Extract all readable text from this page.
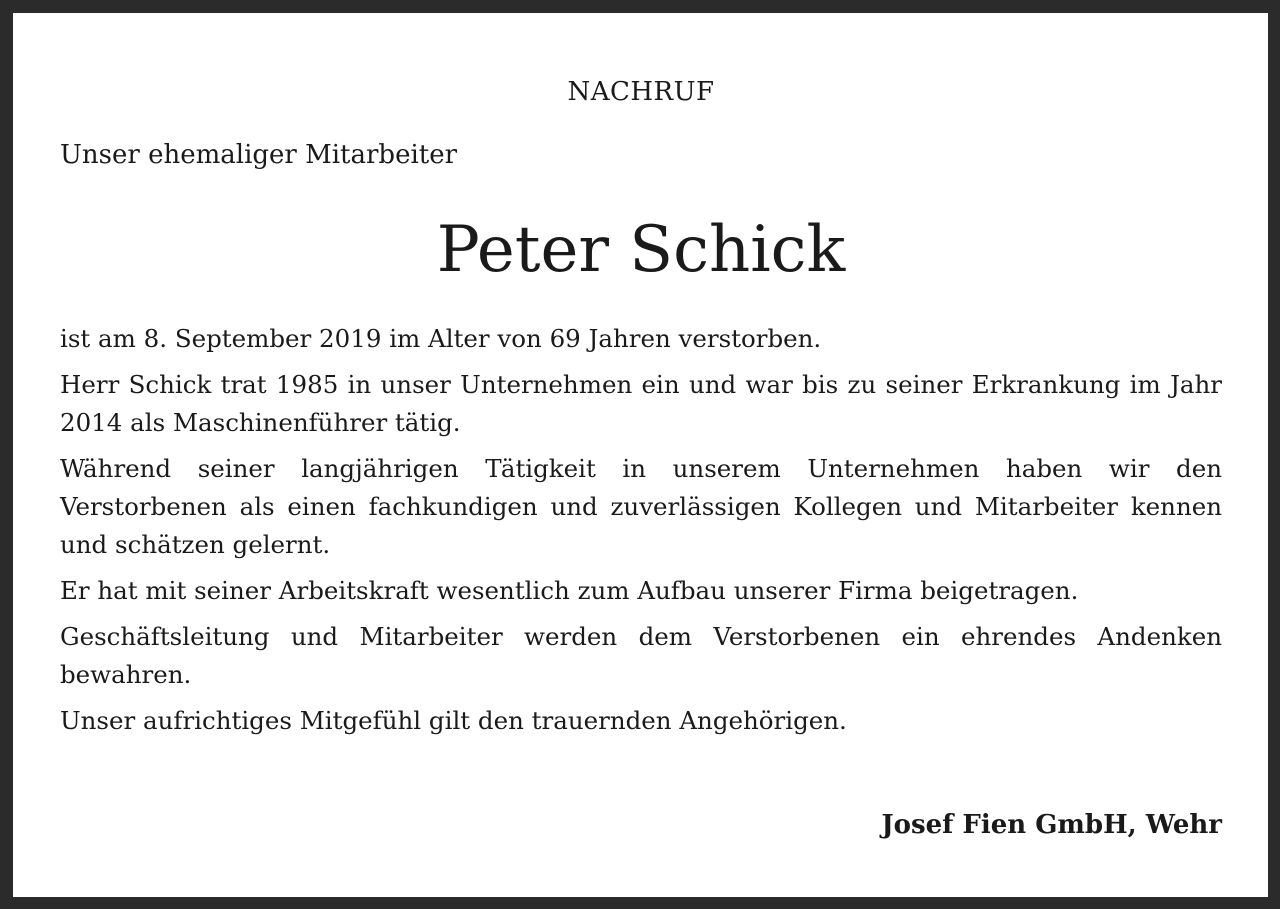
NACHRUF

Unser ehemaliger Mitarbeiter

Peter Schick

ist am 8. September 2019 im Alter von 69 Jahren verstorben.

Herr Schick trat 1985 in unser Unternehmen ein und war bis zu seiner Erkrankung im Jahr 2014 als Maschinenführer tätig.

Während seiner langjährigen Tätigkeit in unserem Unternehmen haben wir den Verstorbenen als einen fachkundigen und zuverlässigen Kollegen und Mitarbeiter kennen und schätzen gelernt.

Er hat mit seiner Arbeitskraft wesentlich zum Aufbau unserer Firma beigetragen.

Geschäftsleitung und Mitarbeiter werden dem Verstorbenen ein ehrendes Andenken bewahren.

Unser aufrichtiges Mitgefühl gilt den trauernden Angehörigen.

Josef Fien GmbH, Wehr
